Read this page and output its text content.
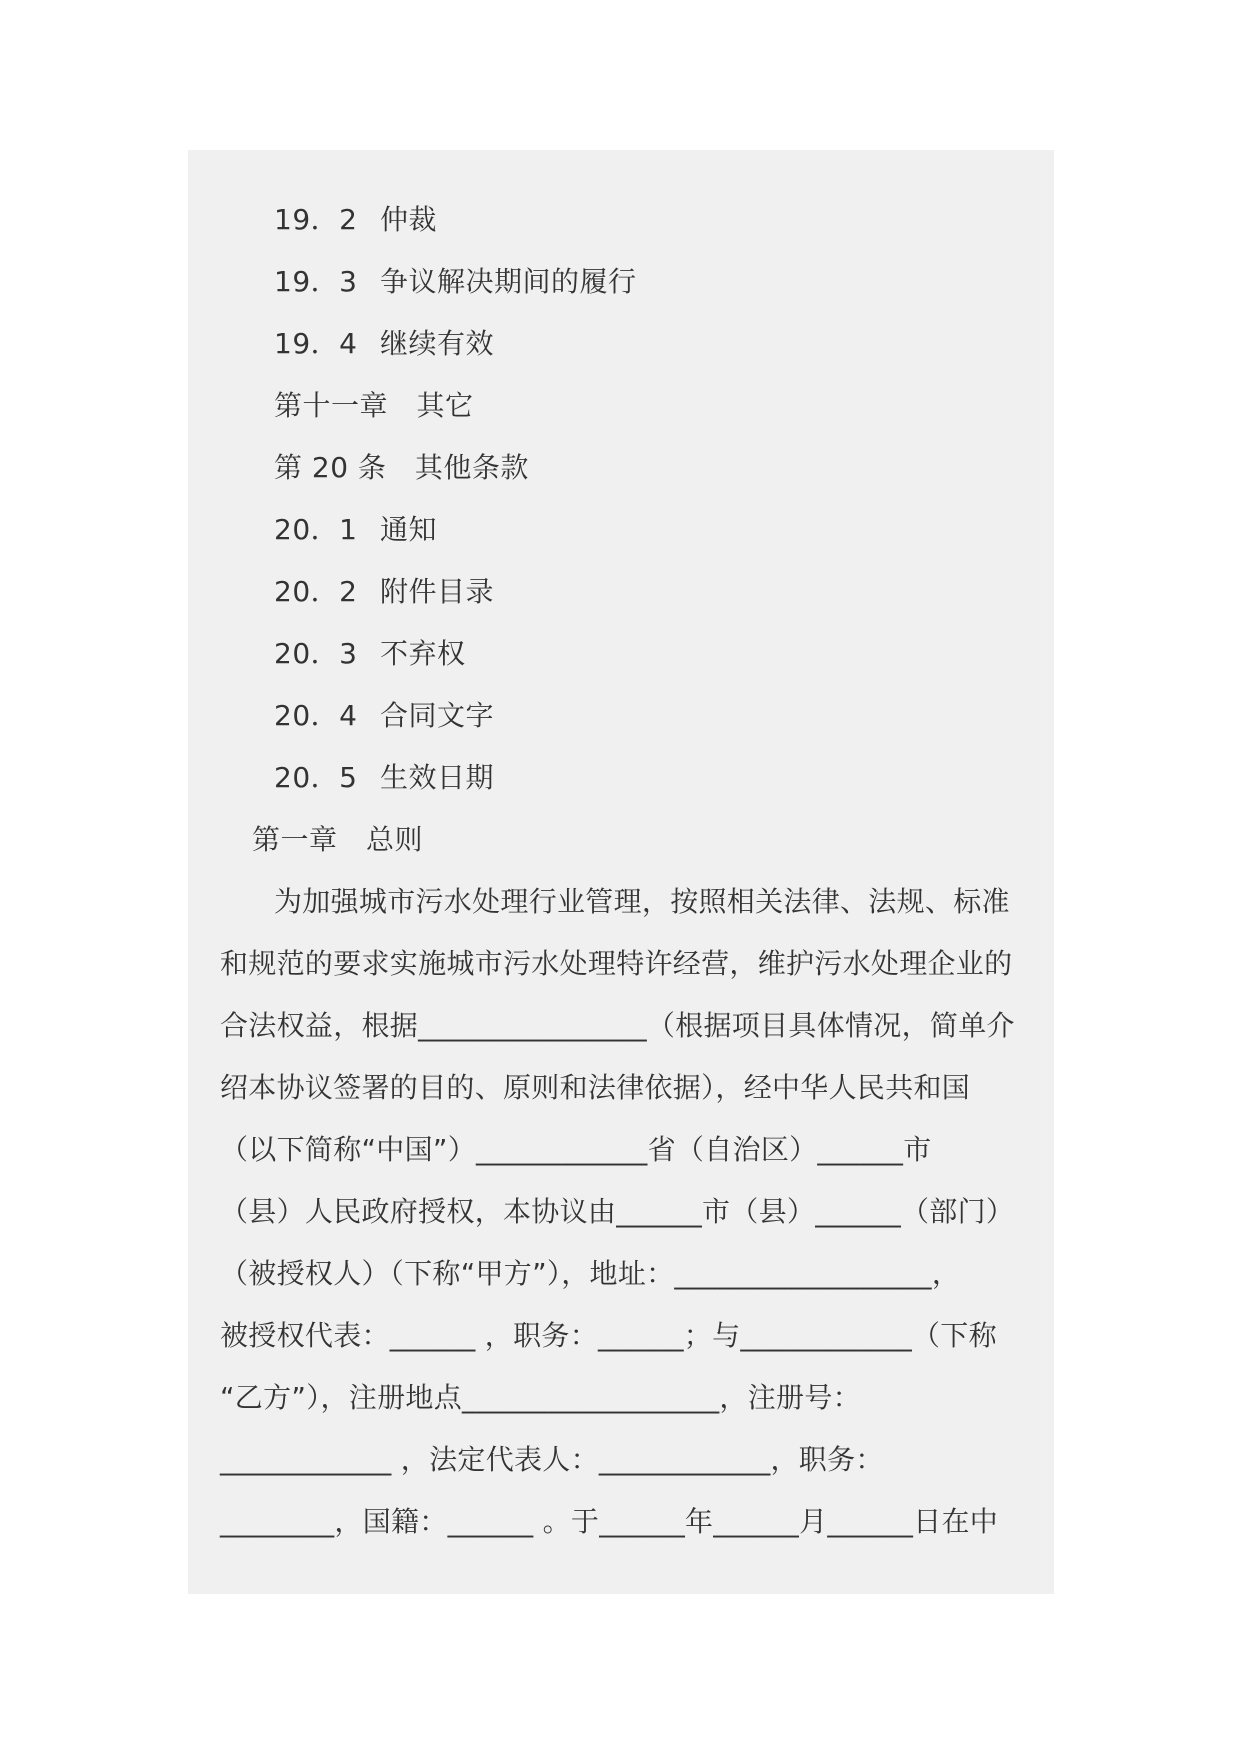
19．2 仲裁
19．3 争议解决期间的履行
19．4 继续有效
第十一章　其它
第 20 条　其他条款
20．1 通知
20．2 附件目录
20．3 不弃权
20．4 合同文字
20．5 生效日期
第一章　总则
为加强城市污水处理行业管理，按照相关法律、法规、标准
和规范的要求实施城市污水处理特许经营，维护污水处理企业的
合法权益，根据________________（根据项目具体情况，简单介
绍本协议签署的目的、原则和法律依据），经中华人民共和国
（以下简称“中国”）____________省（自治区）______市
（县）人民政府授权，本协议由______市（县）______（部门）
（被授权人）（下称“甲方”），地址：__________________，
被授权代表：______ ，职务：______；与____________（下称
“乙方”），注册地点__________________，注册号：
____________ ，法定代表人：____________，职务：
________，国籍：______ 。于______年______月______日在中
